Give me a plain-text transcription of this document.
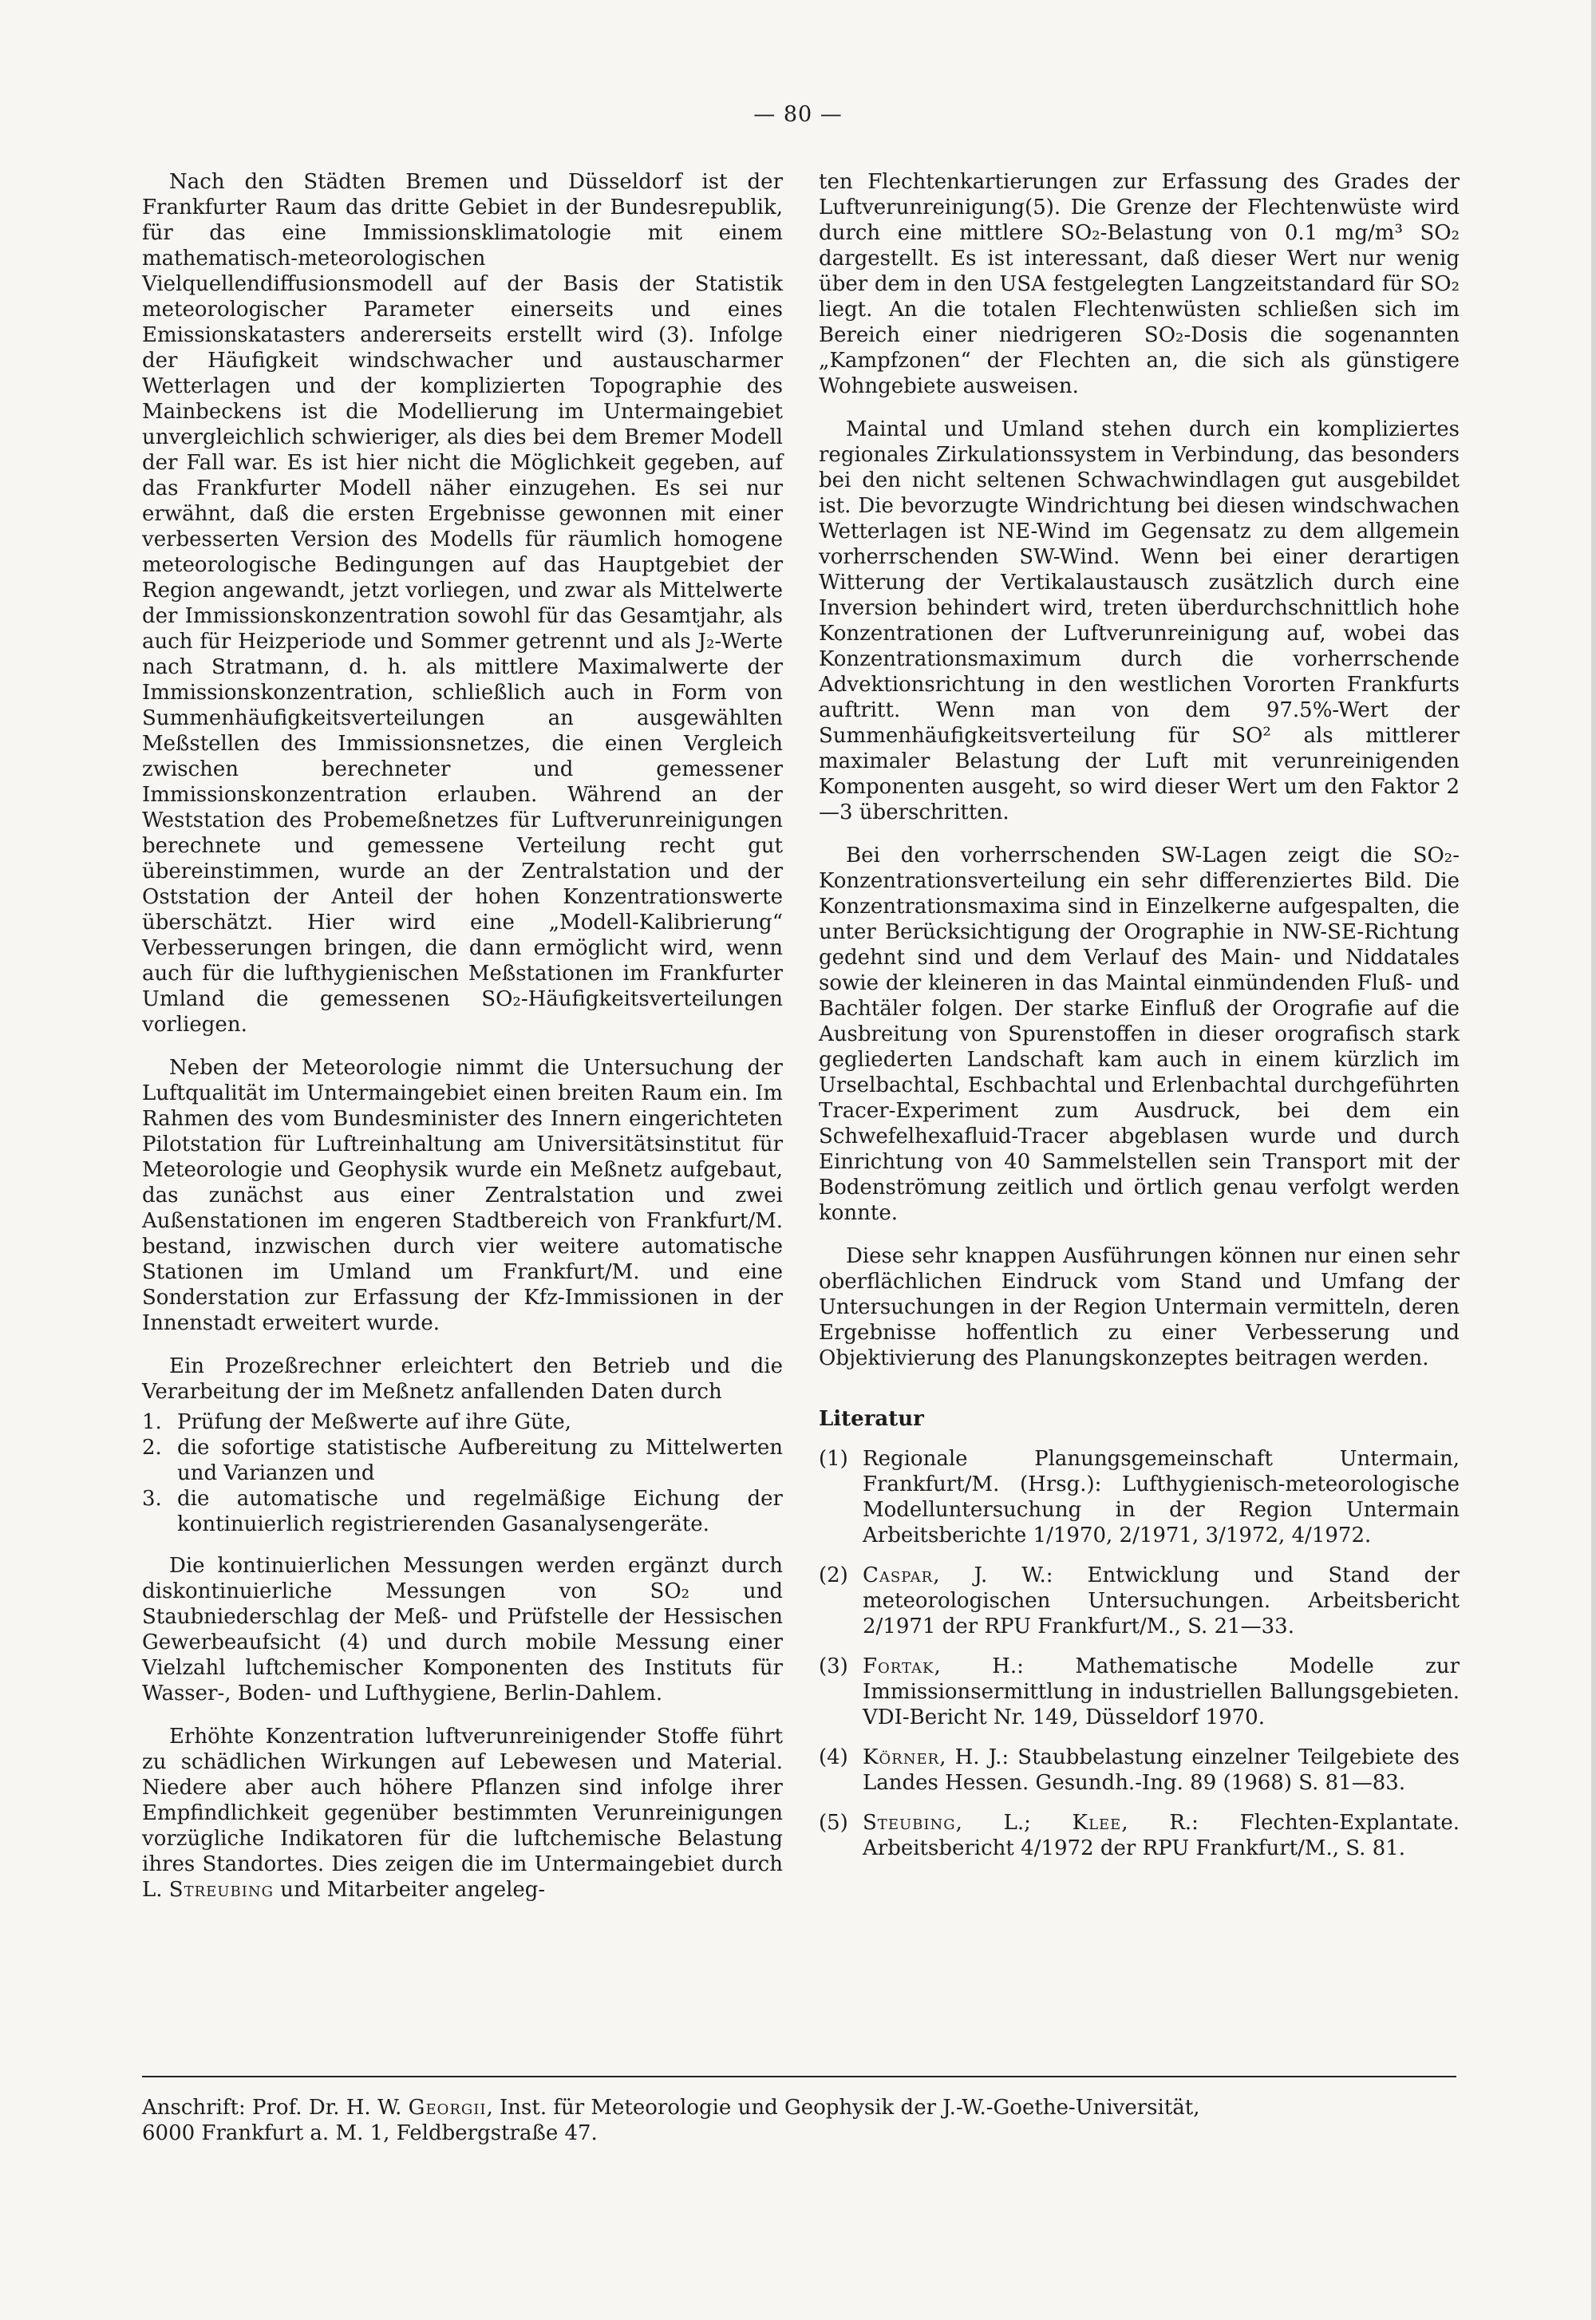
— 80 —

Nach den Städten Bremen und Düsseldorf ist der Frankfurter Raum das dritte Gebiet in der Bundesrepublik, für das eine Immissionsklimatologie mit einem mathematisch-meteorologischen Vielquellendiffusionsmodell auf der Basis der Statistik meteorologischer Parameter einerseits und eines Emissionskatasters andererseits erstellt wird (3). Infolge der Häufigkeit windschwacher und austauscharmer Wetterlagen und der komplizierten Topographie des Mainbeckens ist die Modellierung im Untermaingebiet unvergleichlich schwieriger, als dies bei dem Bremer Modell der Fall war. Es ist hier nicht die Möglichkeit gegeben, auf das Frankfurter Modell näher einzugehen. Es sei nur erwähnt, daß die ersten Ergebnisse gewonnen mit einer verbesserten Version des Modells für räumlich homogene meteorologische Bedingungen auf das Hauptgebiet der Region angewandt, jetzt vorliegen, und zwar als Mittelwerte der Immissionskonzentration sowohl für das Gesamtjahr, als auch für Heizperiode und Sommer getrennt und als J₂-Werte nach Stratmann, d. h. als mittlere Maximalwerte der Immissionskonzentration, schließlich auch in Form von Summenhäufigkeitsverteilungen an ausgewählten Meßstellen des Immissionsnetzes, die einen Vergleich zwischen berechneter und gemessener Immissionskonzentration erlauben. Während an der Weststation des Probemeßnetzes für Luftverunreinigungen berechnete und gemessene Verteilung recht gut übereinstimmen, wurde an der Zentralstation und der Oststation der Anteil der hohen Konzentrationswerte überschätzt. Hier wird eine „Modell-Kalibrierung“ Verbesserungen bringen, die dann ermöglicht wird, wenn auch für die lufthygienischen Meßstationen im Frankfurter Umland die gemessenen SO₂-Häufigkeitsverteilungen vorliegen.

Neben der Meteorologie nimmt die Untersuchung der Luftqualität im Untermaingebiet einen breiten Raum ein. Im Rahmen des vom Bundesminister des Innern eingerichteten Pilotstation für Luftreinhaltung am Universitätsinstitut für Meteorologie und Geophysik wurde ein Meßnetz aufgebaut, das zunächst aus einer Zentralstation und zwei Außenstationen im engeren Stadtbereich von Frankfurt/M. bestand, inzwischen durch vier weitere automatische Stationen im Umland um Frankfurt/M. und eine Sonderstation zur Erfassung der Kfz-Immissionen in der Innenstadt erweitert wurde.

Ein Prozeßrechner erleichtert den Betrieb und die Verarbeitung der im Meßnetz anfallenden Daten durch

1. Prüfung der Meßwerte auf ihre Güte,
2. die sofortige statistische Aufbereitung zu Mittelwerten und Varianzen und
3. die automatische und regelmäßige Eichung der kontinuierlich registrierenden Gasanalysengeräte.

Die kontinuierlichen Messungen werden ergänzt durch diskontinuierliche Messungen von SO₂ und Staubniederschlag der Meß- und Prüfstelle der Hessischen Gewerbeaufsicht (4) und durch mobile Messung einer Vielzahl luftchemischer Komponenten des Instituts für Wasser-, Boden- und Lufthygiene, Berlin-Dahlem.

Erhöhte Konzentration luftverunreinigender Stoffe führt zu schädlichen Wirkungen auf Lebewesen und Material. Niedere aber auch höhere Pflanzen sind infolge ihrer Empfindlichkeit gegenüber bestimmten Verunreinigungen vorzügliche Indikatoren für die luftchemische Belastung ihres Standortes. Dies zeigen die im Untermaingebiet durch L. Streubing und Mitarbeiter angeleg-

ten Flechtenkartierungen zur Erfassung des Grades der Luftverunreinigung(5). Die Grenze der Flechtenwüste wird durch eine mittlere SO₂-Belastung von 0.1 mg/m³ SO₂ dargestellt. Es ist interessant, daß dieser Wert nur wenig über dem in den USA festgelegten Langzeitstandard für SO₂ liegt. An die totalen Flechtenwüsten schließen sich im Bereich einer niedrigeren SO₂-Dosis die sogenannten „Kampfzonen“ der Flechten an, die sich als günstigere Wohngebiete ausweisen.

Maintal und Umland stehen durch ein kompliziertes regionales Zirkulationssystem in Verbindung, das besonders bei den nicht seltenen Schwachwindlagen gut ausgebildet ist. Die bevorzugte Windrichtung bei diesen windschwachen Wetterlagen ist NE-Wind im Gegensatz zu dem allgemein vorherrschenden SW-Wind. Wenn bei einer derartigen Witterung der Vertikalaustausch zusätzlich durch eine Inversion behindert wird, treten überdurchschnittlich hohe Konzentrationen der Luftverunreinigung auf, wobei das Konzentrationsmaximum durch die vorherrschende Advektionsrichtung in den westlichen Vororten Frankfurts auftritt. Wenn man von dem 97.5%-Wert der Summenhäufigkeitsverteilung für SO² als mittlerer maximaler Belastung der Luft mit verunreinigenden Komponenten ausgeht, so wird dieser Wert um den Faktor 2—3 überschritten.

Bei den vorherrschenden SW-Lagen zeigt die SO₂-Konzentrationsverteilung ein sehr differenziertes Bild. Die Konzentrationsmaxima sind in Einzelkerne aufgespalten, die unter Berücksichtigung der Orographie in NW-SE-Richtung gedehnt sind und dem Verlauf des Main- und Niddatales sowie der kleineren in das Maintal einmündenden Fluß- und Bachtäler folgen. Der starke Einfluß der Orografie auf die Ausbreitung von Spurenstoffen in dieser orografisch stark gegliederten Landschaft kam auch in einem kürzlich im Urselbachtal, Eschbachtal und Erlenbachtal durchgeführten Tracer-Experiment zum Ausdruck, bei dem ein Schwefelhexafluid-Tracer abgeblasen wurde und durch Einrichtung von 40 Sammelstellen sein Transport mit der Bodenströmung zeitlich und örtlich genau verfolgt werden konnte.

Diese sehr knappen Ausführungen können nur einen sehr oberflächlichen Eindruck vom Stand und Umfang der Untersuchungen in der Region Untermain vermitteln, deren Ergebnisse hoffentlich zu einer Verbesserung und Objektivierung des Planungskonzeptes beitragen werden.

Literatur
(1) Regionale Planungsgemeinschaft Untermain, Frankfurt/M. (Hrsg.): Lufthygienisch-meteorologische Modelluntersuchung in der Region Untermain Arbeitsberichte 1/1970, 2/1971, 3/1972, 4/1972.
(2) Caspar, J. W.: Entwicklung und Stand der meteorologischen Untersuchungen. Arbeitsbericht 2/1971 der RPU Frankfurt/M., S. 21—33.
(3) Fortak, H.: Mathematische Modelle zur Immissionsermittlung in industriellen Ballungsgebieten. VDI-Bericht Nr. 149, Düsseldorf 1970.
(4) Körner, H. J.: Staubbelastung einzelner Teilgebiete des Landes Hessen. Gesundh.-Ing. 89 (1968) S. 81—83.
(5) Steubing, L.; Klee, R.: Flechten-Explantate. Arbeitsbericht 4/1972 der RPU Frankfurt/M., S. 81.
Anschrift: Prof. Dr. H. W. Georgii, Inst. für Meteorologie und Geophysik der J.-W.-Goethe-Universität,
6000 Frankfurt a. M. 1, Feldbergstraße 47.
